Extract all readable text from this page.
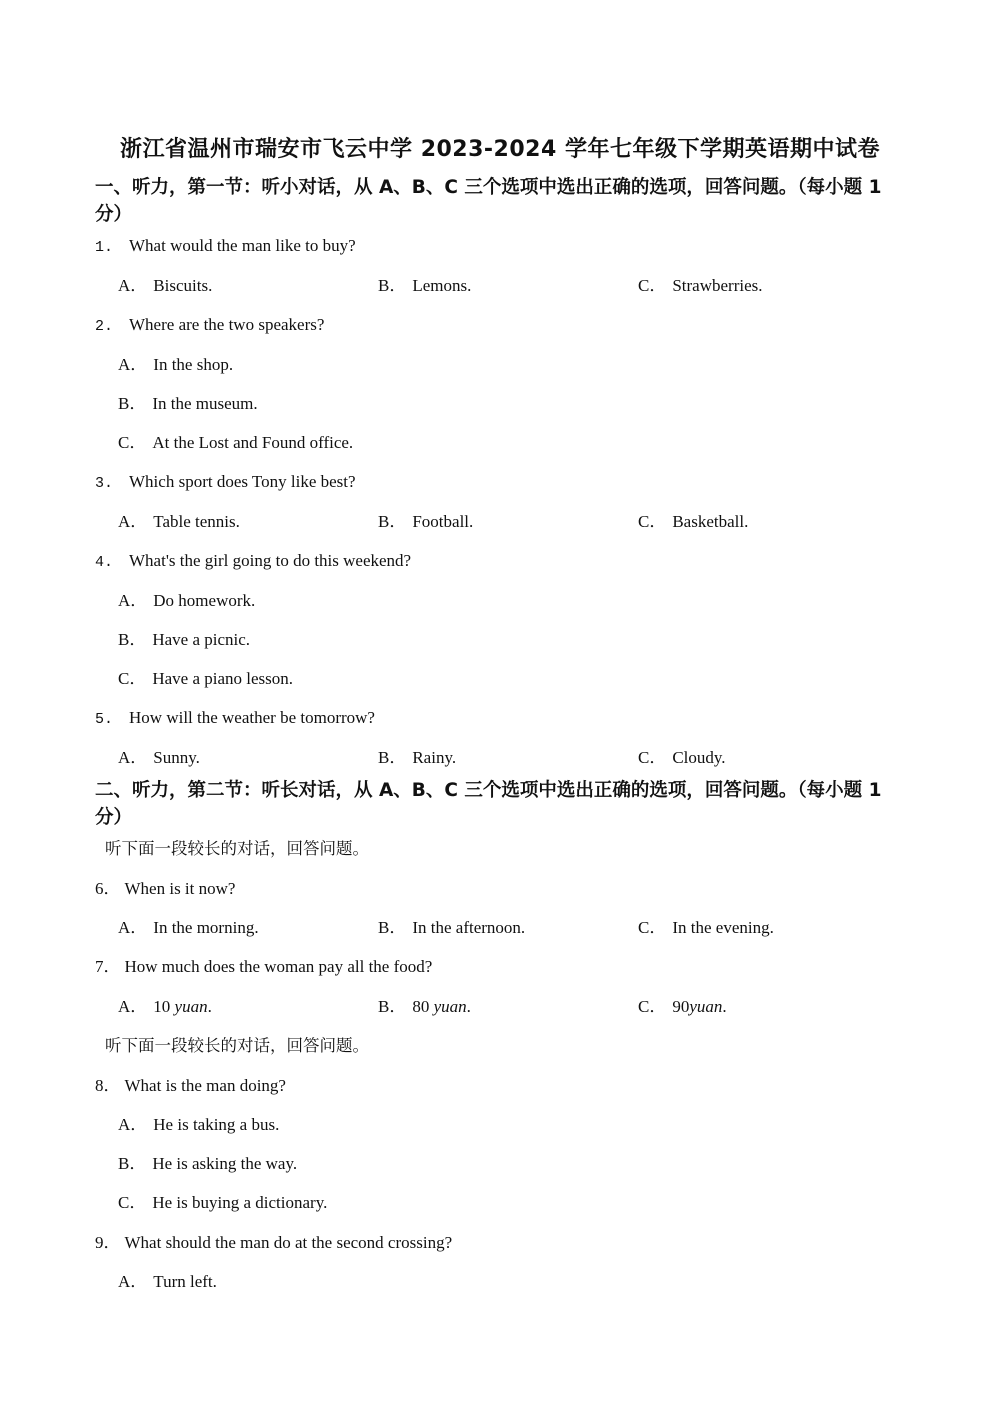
浙江省温州市瑞安市飞云中学 2023-2024 学年七年级下学期英语期中试卷
一、听力，第一节：听小对话，从 A、B、C 三个选项中选出正确的选项，回答问题。（每小题 1 分）
1. What would the man like to buy?
A． Biscuits.	B． Lemons.	C． Strawberries.
2. Where are the two speakers?
A． In the shop.
B． In the museum.
C． At the Lost and Found office.
3. Which sport does Tony like best?
A． Table tennis.	B． Football.	C． Basketball.
4. What's the girl going to do this weekend?
A． Do homework.
B． Have a picnic.
C． Have a piano lesson.
5. How will the weather be tomorrow?
A． Sunny.	B． Rainy.	C． Cloudy.
二、听力，第二节：听长对话，从 A、B、C 三个选项中选出正确的选项，回答问题。（每小题 1 分）
听下面一段较长的对话，回答问题。
6． When is it now?
A． In the morning.	B． In the afternoon.	C． In the evening.
7． How much does the woman pay all the food?
A． 10 yuan.	B． 80 yuan.	C． 90yuan.
听下面一段较长的对话，回答问题。
8． What is the man doing?
A． He is taking a bus.
B． He is asking the way.
C． He is buying a dictionary.
9． What should the man do at the second crossing?
A． Turn left.
